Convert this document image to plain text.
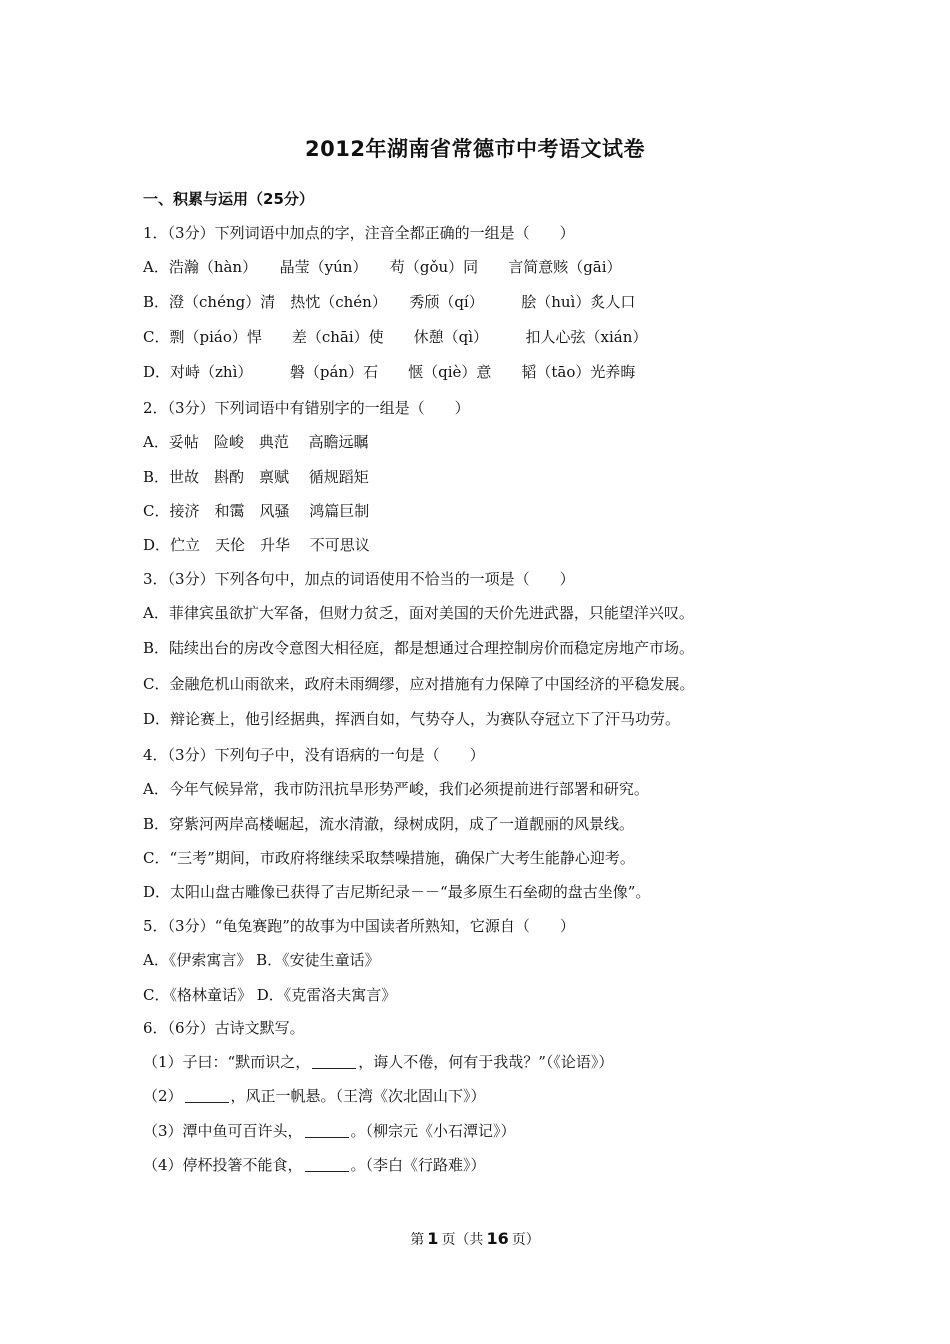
2012年湖南省常德市中考语文试卷
一、积累与运用（25分）
1．（3分）下列词语中加点的字，注音全都正确的一组是（　　）
A．浩瀚（hàn）　　晶莹（yún）　　苟（gǒu）同　　言简意赅（gāi）
B．澄（chéng）清　热忱（chén）　　秀颀（qí）　　　脍（huì）炙人口
C．剽（piáo）悍　　差（chāi）使　　休憩（qì）　　　扣人心弦（xián）
D．对峙（zhì）　　　磐（pán）石　　惬（qiè）意　　韬（tāo）光养晦
2．（3分）下列词语中有错别字的一组是（　　）
A．妥帖　险峻　典范　 高瞻远瞩
B．世故　斟酌　禀赋　 循规蹈矩
C．接济　和霭　风骚　 鸿篇巨制
D．伫立　天伦　升华　 不可思议
3．（3分）下列各句中，加点的词语使用不恰当的一项是（　　）
A．菲律宾虽欲扩大军备，但财力贫乏，面对美国的天价先进武器，只能望洋兴叹。
B．陆续出台的房改令意图大相径庭，都是想通过合理控制房价而稳定房地产市场。
C．金融危机山雨欲来，政府未雨绸缪，应对措施有力保障了中国经济的平稳发展。
D．辩论赛上，他引经据典，挥洒自如，气势夺人，为赛队夺冠立下了汗马功劳。
4．（3分）下列句子中，没有语病的一句是（　　）
A．今年气候异常，我市防汛抗旱形势严峻，我们必须提前进行部署和研究。
B．穿紫河两岸高楼崛起，流水清澈，绿树成阴，成了一道靓丽的风景线。
C．“三考”期间，市政府将继续采取禁噪措施，确保广大考生能静心迎考。
D．太阳山盘古雕像已获得了吉尼斯纪录－－“最多原生石垒砌的盘古坐像”。
5．（3分）“龟兔赛跑”的故事为中国读者所熟知，它源自（　　）
A．《伊索寓言》 B．《安徒生童话》
C．《格林童话》 D．《克雷洛夫寓言》
6．（6分）古诗文默写。
（1）子曰：“默而识之，	，诲人不倦，何有于我哉？”（《论语》）
（2）	，风正一帆悬。（王湾《次北固山下》）
（3）潭中鱼可百许头，	。（柳宗元《小石潭记》）
（4）停杯投箸不能食，	。（李白《行路难》）
第 1 页（共 16 页）
